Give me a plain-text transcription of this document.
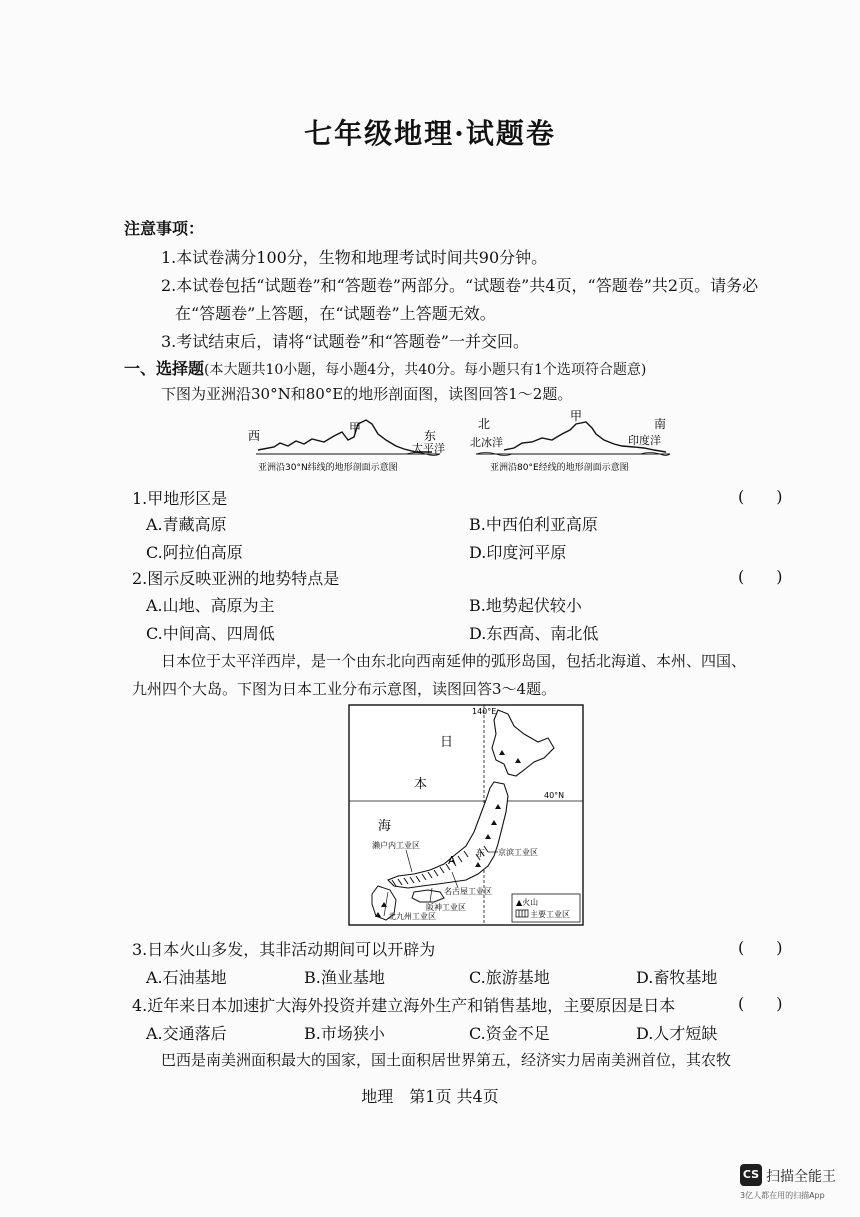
七年级地理·试题卷
注意事项：
1.本试卷满分100分，生物和地理考试时间共90分钟。
2.本试卷包括“试题卷”和“答题卷”两部分。“试题卷”共4页，“答题卷”共2页。请务必
在“答题卷”上答题，在“试题卷”上答题无效。
3.考试结束后，请将“试题卷”和“答题卷”一并交回。
一、选择题(本大题共10小题，每小题4分，共40分。每小题只有1个选项符合题意)
下图为亚洲沿30°N和80°E的地形剖面图，读图回答1～2题。
西
甲
东
太平洋
亚洲沿30°N纬线的地形剖面示意图
北
北冰洋
甲
南
印度洋
亚洲沿80°E经线的地形剖面示意图
1.甲地形区是	(　　)
A.青藏高原	B.中西伯利亚高原
C.阿拉伯高原	D.印度河平原
2.图示反映亚洲的地势特点是	(　　)
A.山地、高原为主	B.地势起伏较小
C.中间高、四周低	D.东西高、南北低
日本位于太平洋西岸，是一个由东北向西南延伸的弧形岛国，包括北海道、本州、四国、
九州四个大岛。下图为日本工业分布示意图，读图回答3～4题。
140°E
40°N
日
本
海
濑户内工业区
东 京滨工业区
A
名古屋工业区
阪神工业区
北九州工业区
▲火山
主要工业区
3.日本火山多发，其非活动期间可以开辟为	(　　)
A.石油基地	B.渔业基地	C.旅游基地	D.畜牧基地
4.近年来日本加速扩大海外投资并建立海外生产和销售基地，主要原因是日本	(　　)
A.交通落后	B.市场狭小	C.资金不足	D.人才短缺
巴西是南美洲面积最大的国家，国土面积居世界第五，经济实力居南美洲首位，其农牧
地理　第1页 共4页
CS 扫描全能王
3亿人都在用的扫描App
